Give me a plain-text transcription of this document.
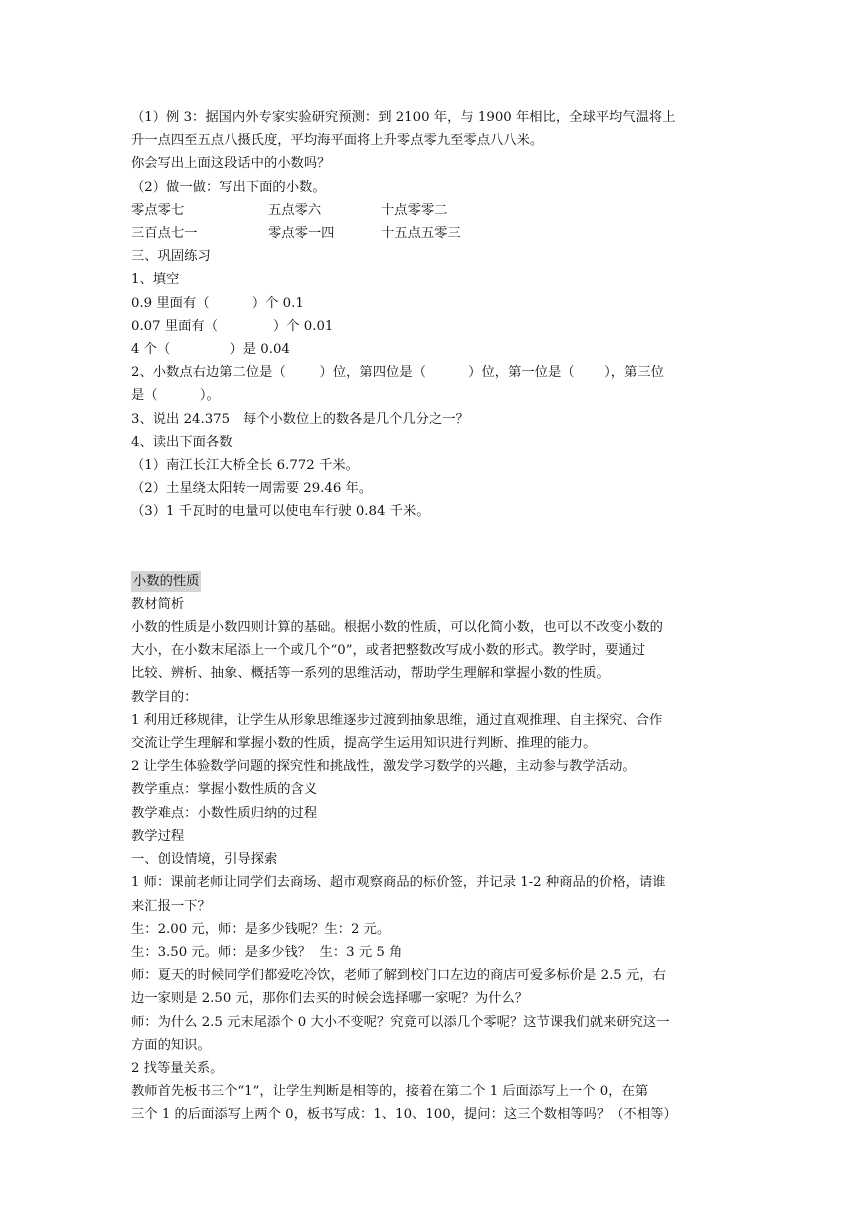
（1）例 3：据国内外专家实验研究预测：到 2100 年，与 1900 年相比，全球平均气温将上
升一点四至五点八摄氏度，平均海平面将上升零点零九至零点八八米。
你会写出上面这段话中的小数吗？
（2）做一做：写出下面的小数。
零点零七	五点零六	十点零零二
三百点七一	零点零一四	十五点五零三
三、巩固练习
1、填空
0.9 里面有（          ）个 0.1
0.07 里面有（             ）个 0.01
4 个（              ）是 0.04
2、小数点右边第二位是（        ）位，第四位是（          ）位，第一位是（       ），第三位
是（          ）。
3、说出 24.375   每个小数位上的数各是几个几分之一？
4、读出下面各数
（1）南江长江大桥全长 6.772 千米。
（2）土星绕太阳转一周需要 29.46 年。
（3）1 千瓦时的电量可以使电车行驶 0.84 千米。
小数的性质
教材简析
小数的性质是小数四则计算的基础。根据小数的性质，可以化简小数，也可以不改变小数的
大小，在小数末尾添上一个或几个“0”，或者把整数改写成小数的形式。教学时，要通过
比较、辨析、抽象、概括等一系列的思维活动，帮助学生理解和掌握小数的性质。
教学目的：
1 利用迁移规律，让学生从形象思维逐步过渡到抽象思维，通过直观推理、自主探究、合作
交流让学生理解和掌握小数的性质，提高学生运用知识进行判断、推理的能力。
2 让学生体验数学问题的探究性和挑战性，激发学习数学的兴趣，主动参与教学活动。
教学重点：掌握小数性质的含义
教学难点：小数性质归纳的过程
教学过程
一、创设情境，引导探索
1 师：课前老师让同学们去商场、超市观察商品的标价签，并记录 1-2 种商品的价格，请谁
来汇报一下？
生：2.00 元，师：是多少钱呢？生：2 元。
生：3.50 元。师：是多少钱？  生：3 元 5 角
师：夏天的时候同学们都爱吃冷饮，老师了解到校门口左边的商店可爱多标价是 2.5 元，右
边一家则是 2.50 元，那你们去买的时候会选择哪一家呢？为什么？
师：为什么 2.5 元末尾添个 0 大小不变呢？究竟可以添几个零呢？这节课我们就来研究这一
方面的知识。
2 找等量关系。
教师首先板书三个“1”，让学生判断是相等的，接着在第二个 1 后面添写上一个 0，在第
三个 1 的后面添写上两个 0，板书写成：1、10、100，提问：这三个数相等吗？（不相等）
